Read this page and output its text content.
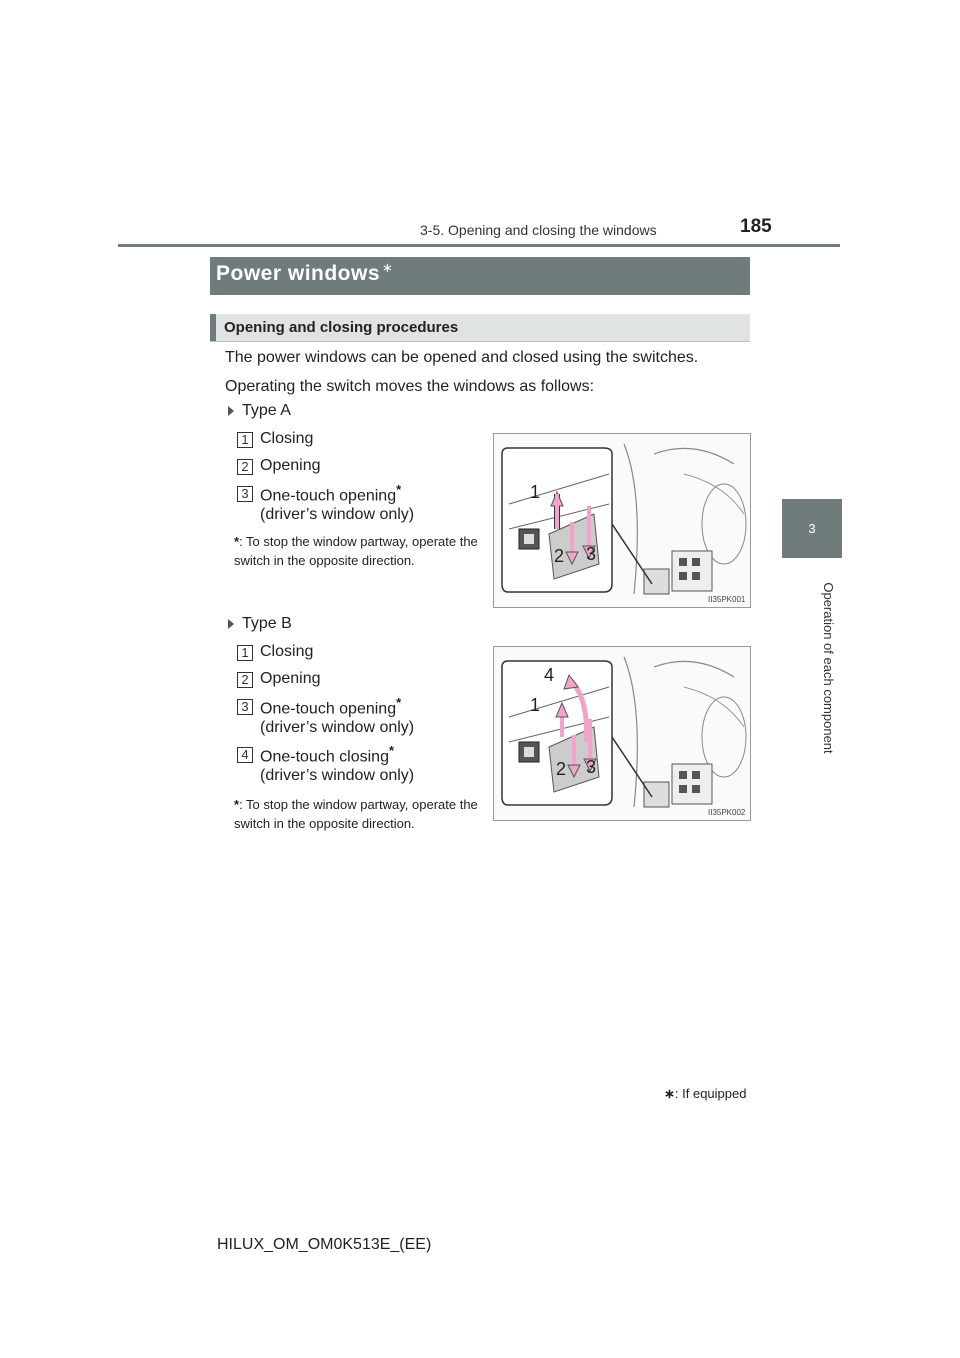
3-5. Opening and closing the windows	185
3
Operation of each component
Power windows ∗
Opening and closing procedures
The power windows can be opened and closed using the switches.
Operating the switch moves the windows as follows:
Type A
1 Closing
2 Opening
3 One-touch opening*
(driver’s window only)
*: To stop the window partway, operate the switch in the opposite direction.
1
2 3
II35PK001
Type B
1 Closing
2 Opening
3 One-touch opening*
(driver’s window only)
4 One-touch closing*
(driver’s window only)
*: To stop the window partway, operate the switch in the opposite direction.
4
1
2 3
II35PK002
∗: If equipped
HILUX_OM_OM0K513E_(EE)
